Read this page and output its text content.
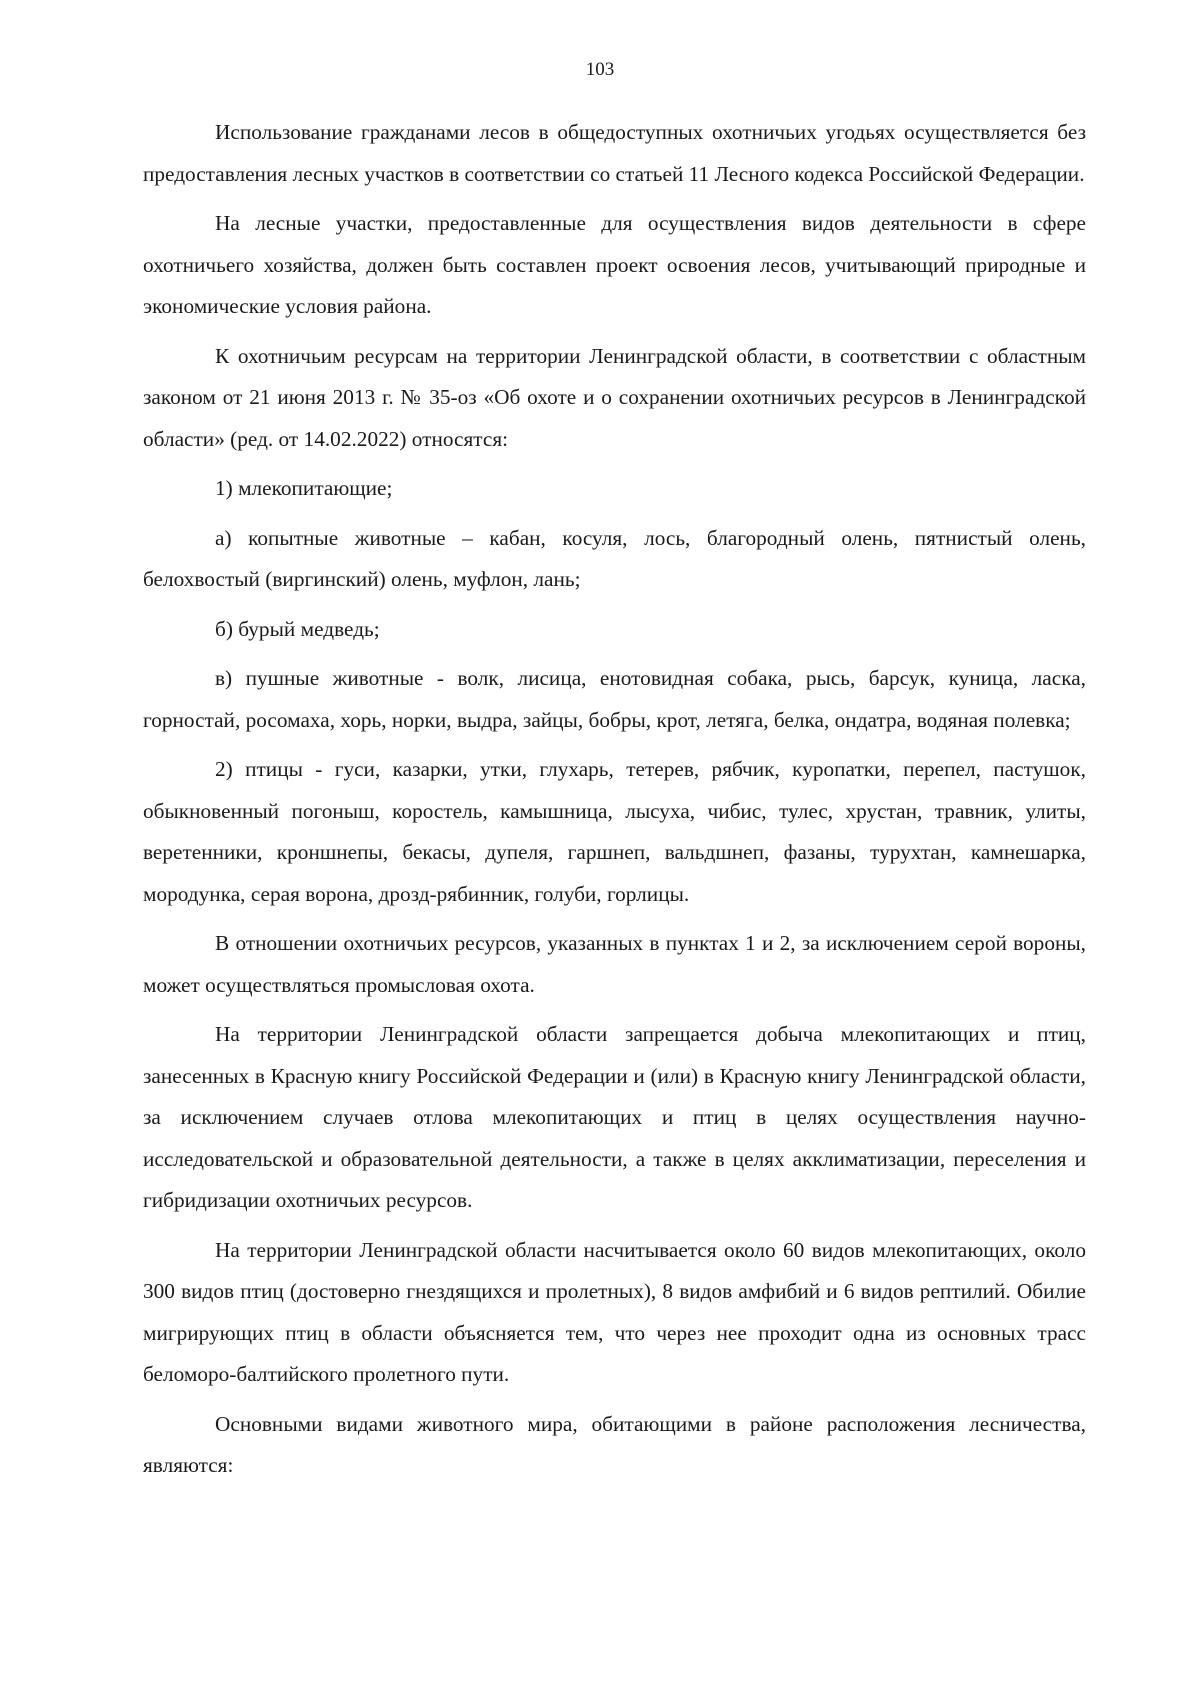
103

Использование гражданами лесов в общедоступных охотничьих угодьях осуществляется без предоставления лесных участков в соответствии со статьей 11 Лесного кодекса Российской Федерации.

На лесные участки, предоставленные для осуществления видов деятельности в сфере охотничьего хозяйства, должен быть составлен проект освоения лесов, учитывающий природные и экономические условия района.

К охотничьим ресурсам на территории Ленинградской области, в соответствии с областным законом от 21 июня 2013 г. № 35-оз «Об охоте и о сохранении охотничьих ресурсов в Ленинградской области» (ред. от 14.02.2022) относятся:

1) млекопитающие;

а) копытные животные – кабан, косуля, лось, благородный олень, пятнистый олень, белохвостый (виргинский) олень, муфлон, лань;

б) бурый медведь;

в) пушные животные - волк, лисица, енотовидная собака, рысь, барсук, куница, ласка, горностай, росомаха, хорь, норки, выдра, зайцы, бобры, крот, летяга, белка, ондатра, водяная полевка;

2) птицы - гуси, казарки, утки, глухарь, тетерев, рябчик, куропатки, перепел, пастушок, обыкновенный погоныш, коростель, камышница, лысуха, чибис, тулес, хрустан, травник, улиты, веретенники, кроншнепы, бекасы, дупеля, гаршнеп, вальдшнеп, фазаны, турухтан, камнешарка, мородунка, серая ворона, дрозд-рябинник, голуби, горлицы.

В отношении охотничьих ресурсов, указанных в пунктах 1 и 2, за исключением серой вороны, может осуществляться промысловая охота.

На территории Ленинградской области запрещается добыча млекопитающих и птиц, занесенных в Красную книгу Российской Федерации и (или) в Красную книгу Ленинградской области, за исключением случаев отлова млекопитающих и птиц в целях осуществления научно-исследовательской и образовательной деятельности, а также в целях акклиматизации, переселения и гибридизации охотничьих ресурсов.

На территории Ленинградской области насчитывается около 60 видов млекопитающих, около 300 видов птиц (достоверно гнездящихся и пролетных), 8 видов амфибий и 6 видов рептилий. Обилие мигрирующих птиц в области объясняется тем, что через нее проходит одна из основных трасс беломоро-балтийского пролетного пути.

Основными видами животного мира, обитающими в районе расположения лесничества, являются:
